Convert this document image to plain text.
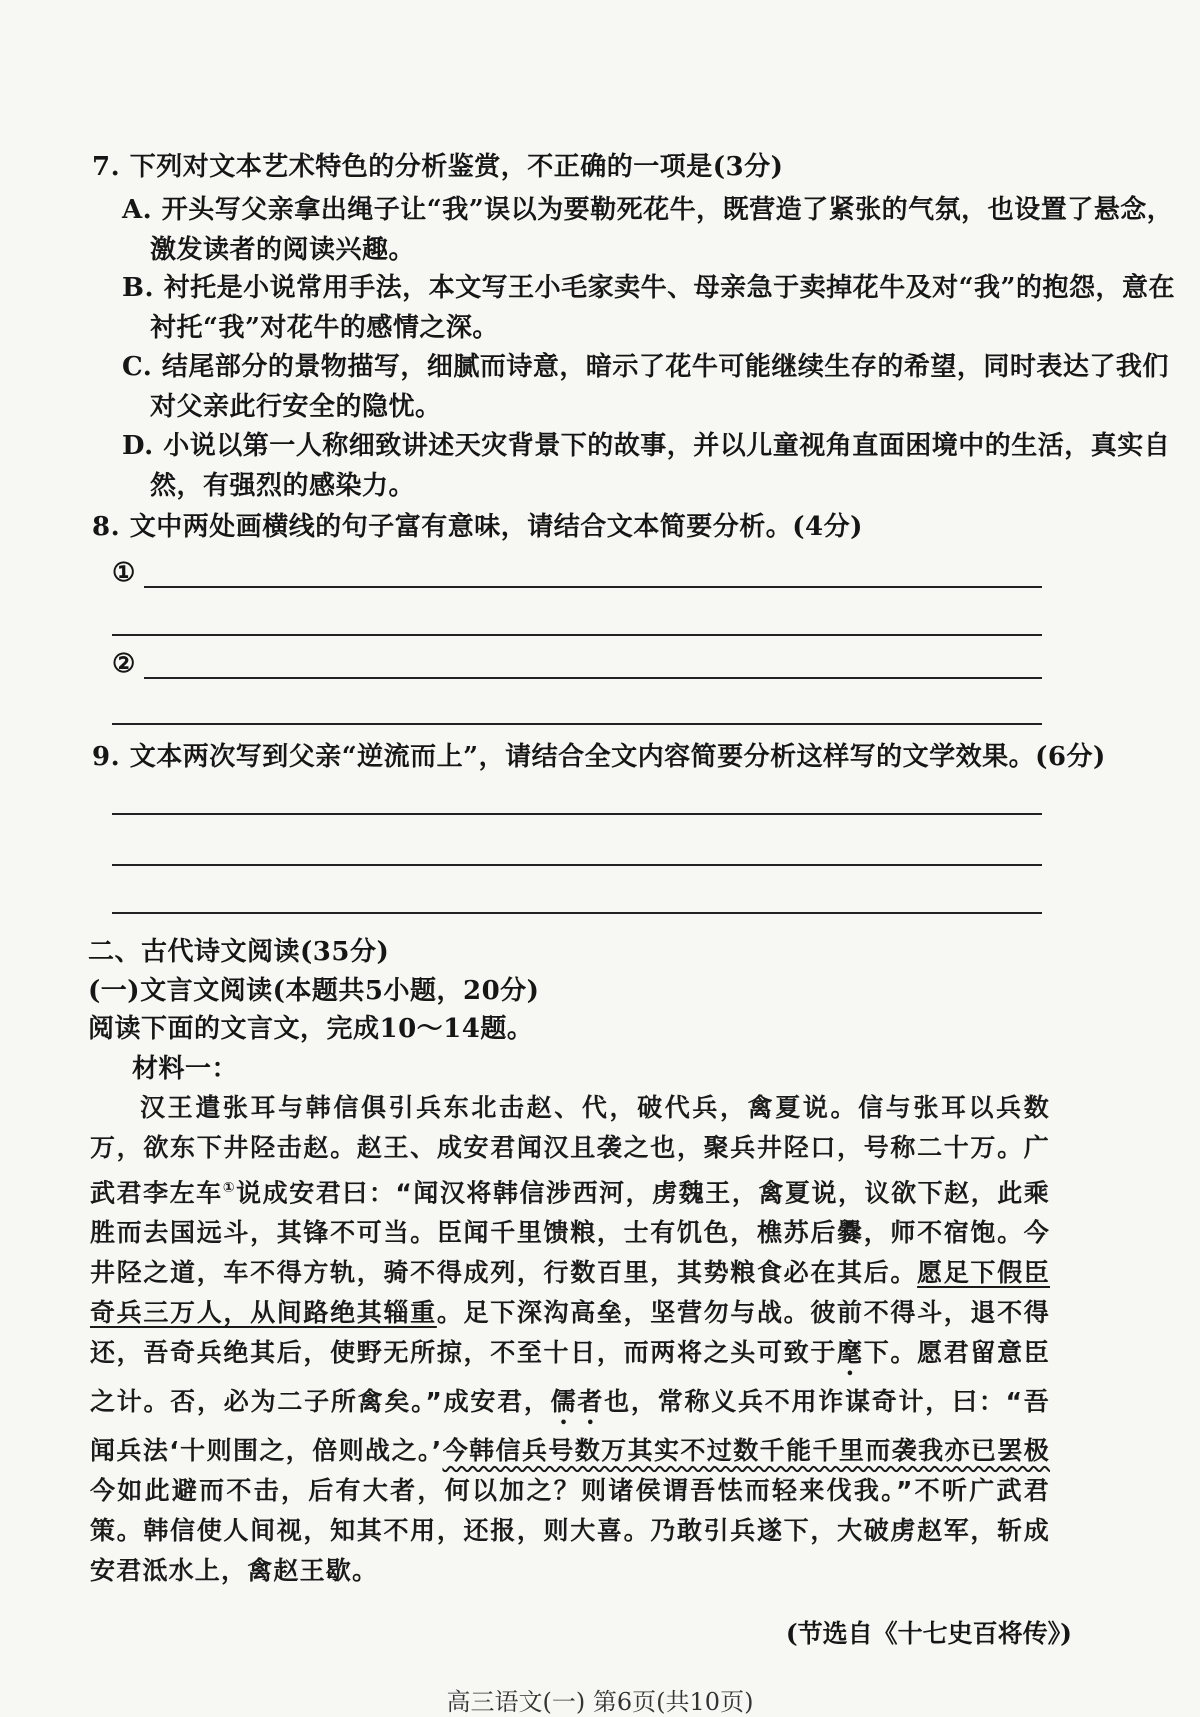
7. 下列对文本艺术特色的分析鉴赏，不正确的一项是(3分)
A. 开头写父亲拿出绳子让“我”误以为要勒死花牛，既营造了紧张的气氛，也设置了悬念，
激发读者的阅读兴趣。
B. 衬托是小说常用手法，本文写王小毛家卖牛、母亲急于卖掉花牛及对“我”的抱怨，意在
衬托“我”对花牛的感情之深。
C. 结尾部分的景物描写，细腻而诗意，暗示了花牛可能继续生存的希望，同时表达了我们
对父亲此行安全的隐忧。
D. 小说以第一人称细致讲述天灾背景下的故事，并以儿童视角直面困境中的生活，真实自
然，有强烈的感染力。
8. 文中两处画横线的句子富有意味，请结合文本简要分析。(4分)
①
②
9. 文本两次写到父亲“逆流而上”，请结合全文内容简要分析这样写的文学效果。(6分)
二、古代诗文阅读(35分)
(一)文言文阅读(本题共5小题，20分)
阅读下面的文言文，完成10～14题。
材料一：

汉王遣张耳与韩信俱引兵东北击赵、代，破代兵，禽夏说。信与张耳以兵数万，欲东下井陉击赵。赵王、成安君闻汉且袭之也，聚兵井陉口，号称二十万。广武君李左车①说成安君曰：“闻汉将韩信涉西河，虏魏王，禽夏说，议欲下赵，此乘胜而去国远斗，其锋不可当。臣闻千里馈粮，士有饥色，樵苏后爨，师不宿饱。今井陉之道，车不得方轨，骑不得成列，行数百里，其势粮食必在其后。愿足下假臣奇兵三万人，从间路绝其辎重。足下深沟高垒，坚营勿与战。彼前不得斗，退不得还，吾奇兵绝其后，使野无所掠，不至十日，而两将之头可致于麾下。愿君留意臣之计。否，必为二子所禽矣。”成安君，儒者也，常称义兵不用诈谋奇计，曰：“吾闻兵法‘十则围之，倍则战之。’今韩信兵号数万其实不过数千能千里而袭我亦已罢极今如此避而不击，后有大者，何以加之？则诸侯谓吾怯而轻来伐我。”不听广武君策。韩信使人间视，知其不用，还报，则大喜。乃敢引兵遂下，大破虏赵军，斩成安君泜水上，禽赵王歇。

(节选自《十七史百将传》)
高三语文(一) 第6页(共10页)
